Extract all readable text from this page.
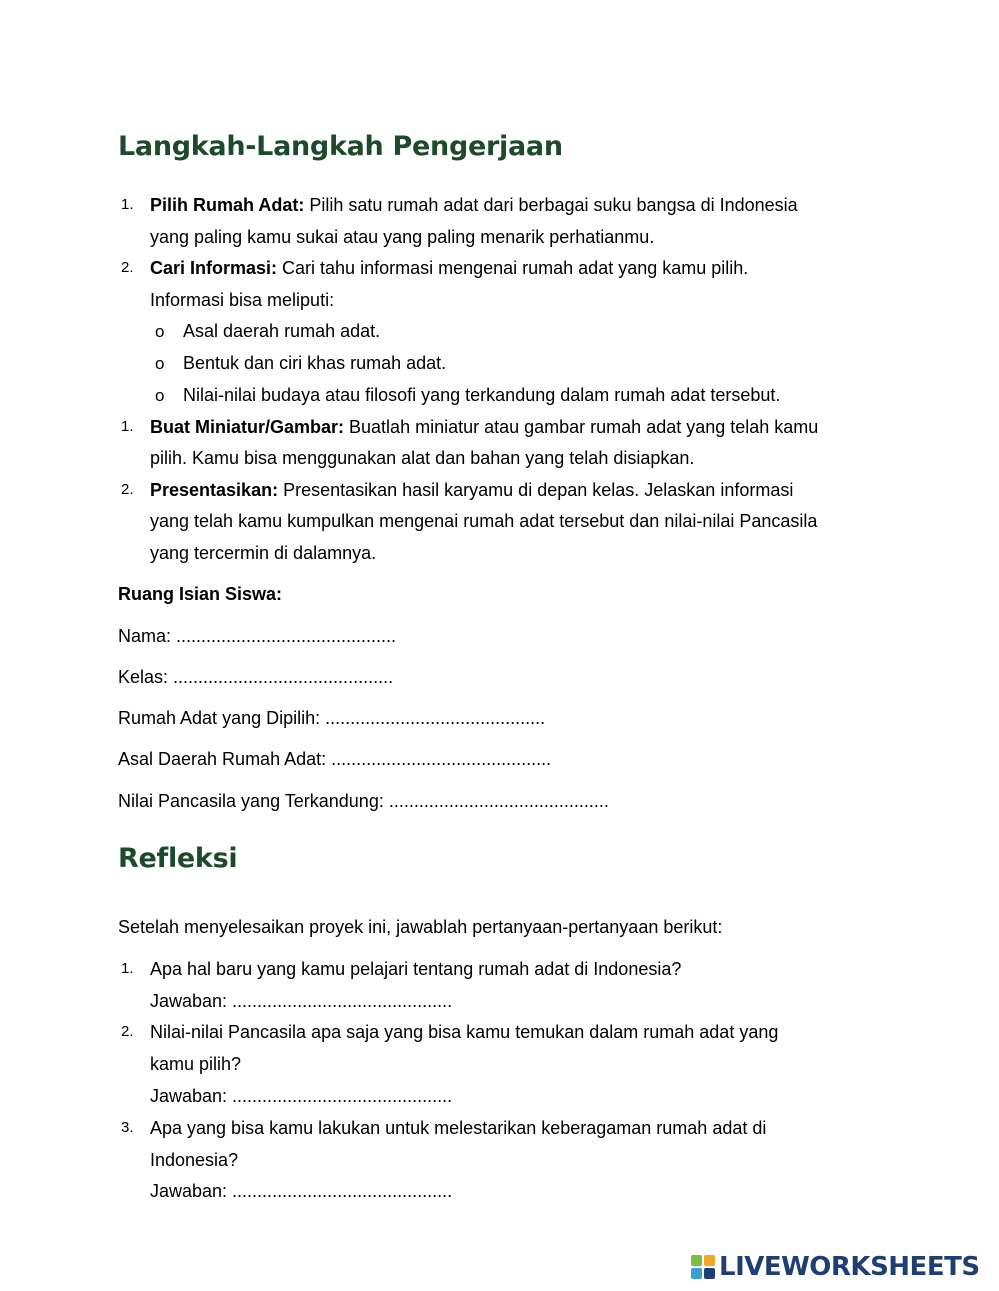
Langkah-Langkah Pengerjaan
1. Pilih Rumah Adat: Pilih satu rumah adat dari berbagai suku bangsa di Indonesia
yang paling kamu sukai atau yang paling menarik perhatianmu.
2. Cari Informasi: Cari tahu informasi mengenai rumah adat yang kamu pilih.
Informasi bisa meliputi:
o Asal daerah rumah adat.
o Bentuk dan ciri khas rumah adat.
o Nilai-nilai budaya atau filosofi yang terkandung dalam rumah adat tersebut.
1. Buat Miniatur/Gambar: Buatlah miniatur atau gambar rumah adat yang telah kamu
pilih. Kamu bisa menggunakan alat dan bahan yang telah disiapkan.
2. Presentasikan: Presentasikan hasil karyamu di depan kelas. Jelaskan informasi
yang telah kamu kumpulkan mengenai rumah adat tersebut dan nilai-nilai Pancasila
yang tercermin di dalamnya.
Ruang Isian Siswa:
Nama: ............................................
Kelas: ............................................
Rumah Adat yang Dipilih: ............................................
Asal Daerah Rumah Adat: ............................................
Nilai Pancasila yang Terkandung: ............................................
Refleksi
Setelah menyelesaikan proyek ini, jawablah pertanyaan-pertanyaan berikut:
1. Apa hal baru yang kamu pelajari tentang rumah adat di Indonesia?
Jawaban: ............................................
2. Nilai-nilai Pancasila apa saja yang bisa kamu temukan dalam rumah adat yang
kamu pilih?
Jawaban: ............................................
3. Apa yang bisa kamu lakukan untuk melestarikan keberagaman rumah adat di
Indonesia?
Jawaban: ............................................
LIVEWORKSHEETS
